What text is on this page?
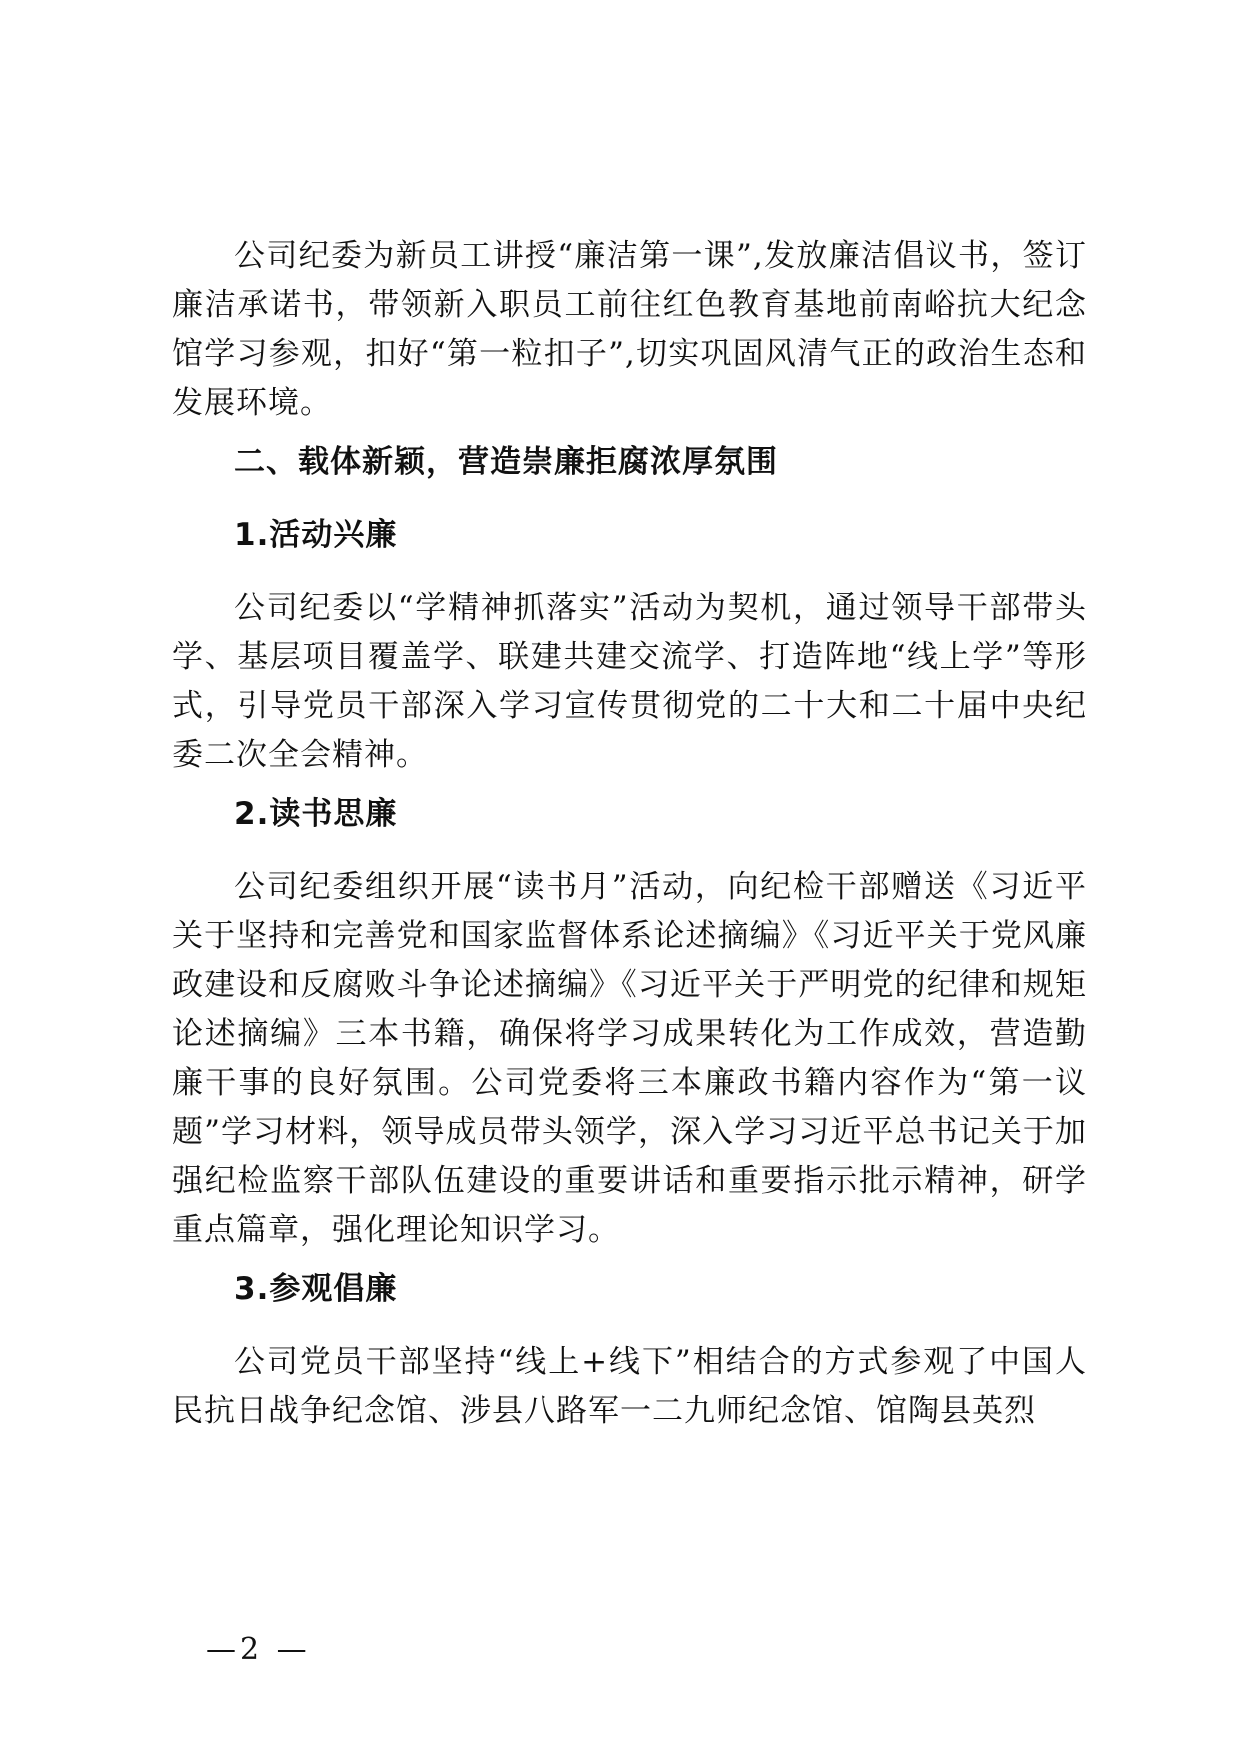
公司纪委为新员工讲授“廉洁第一课”,发放廉洁倡议书，签订廉洁承诺书，带领新入职员工前往红色教育基地前南峪抗大纪念馆学习参观，扣好“第一粒扣子”,切实巩固风清气正的政治生态和发展环境。

二、载体新颖，营造崇廉拒腐浓厚氛围
1.活动兴廉

公司纪委以“学精神抓落实”活动为契机，通过领导干部带头学、基层项目覆盖学、联建共建交流学、打造阵地“线上学”等形式，引导党员干部深入学习宣传贯彻党的二十大和二十届中央纪委二次全会精神。

2.读书思廉

公司纪委组织开展“读书月”活动，向纪检干部赠送《习近平关于坚持和完善党和国家监督体系论述摘编》《习近平关于党风廉政建设和反腐败斗争论述摘编》《习近平关于严明党的纪律和规矩论述摘编》三本书籍，确保将学习成果转化为工作成效，营造勤廉干事的良好氛围。公司党委将三本廉政书籍内容作为“第一议题”学习材料，领导成员带头领学，深入学习习近平总书记关于加强纪检监察干部队伍建设的重要讲话和重要指示批示精神，研学重点篇章，强化理论知识学习。

3.参观倡廉

公司党员干部坚持“线上+线下”相结合的方式参观了中国人民抗日战争纪念馆、涉县八路军一二九师纪念馆、馆陶县英烈

—2 —
